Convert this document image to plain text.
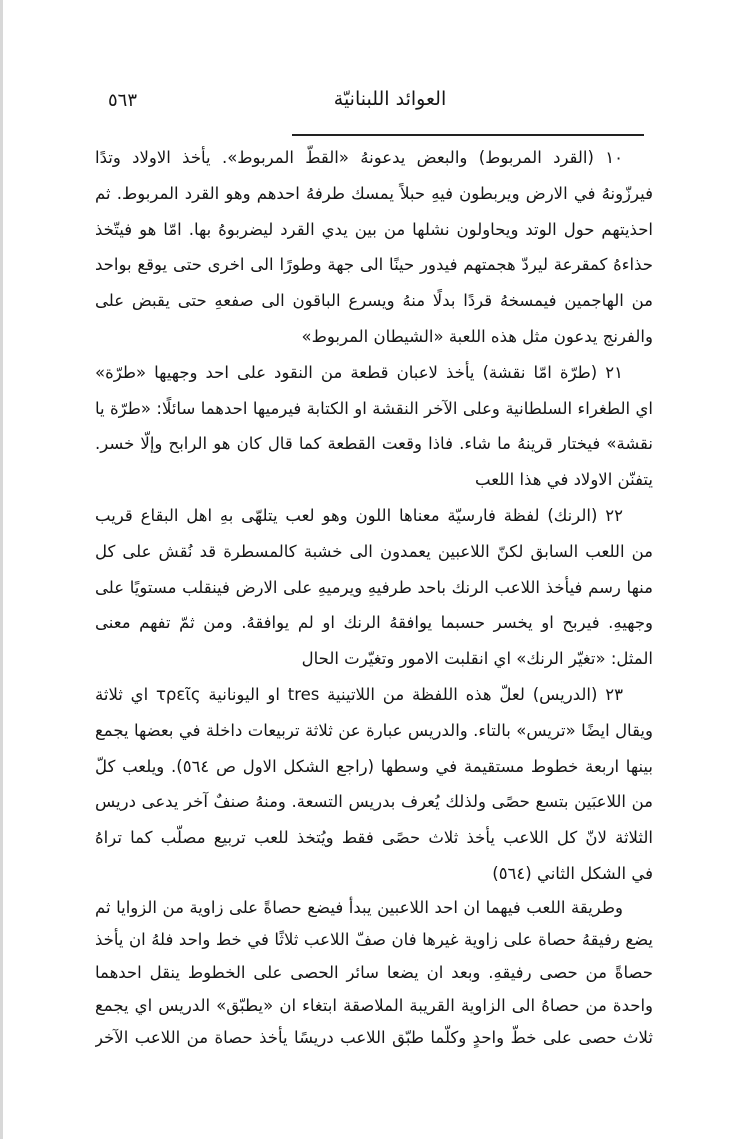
٥٦٣	العوائد اللبنانيّة
١٠ (القرد المربوط) والبعض يدعونهُ «القطّ المربوط». يأخذ الاولاد وتدًا
فيرزّونهُ في الارض ويربطون فيهِ حبلاً يمسك طرفهُ احدهم وهو القرد المربوط. ثم
احذيتهم حول الوتد ويحاولون نشلها من بين يدي القرد ليضربوهُ بها. امّا هو فيتّخذ
حذاءهُ كمقرعة ليردّ هجمتهم فيدور حينًا الى جهة وطورًا الى اخرى حتى يوقع بواحد
من الهاجمين فيمسخهُ قردًا بدلًا منهُ ويسرع الباقون الى صفعهِ حتى يقبض على
والفرنج يدعون مثل هذه اللعبة «الشيطان المربوط»
٢١ (طرّة امّا نقشة) يأخذ لاعبان قطعة من النقود على احد وجهيها «طرّة»
اي الطغراء السلطانية وعلى الآخر النقشة او الكتابة فيرميها احدهما سائلًا: «طرّة يا
نقشة» فيختار قرينهُ ما شاء. فاذا وقعت القطعة كما قال كان هو الرابح وإلّا خسر.
يتفنّن الاولاد في هذا اللعب
٢٢ (الرنك) لفظة فارسيّة معناها اللون وهو لعب يتلهّى بهِ اهل البقاع قريب
من اللعب السابق لكنّ اللاعبين يعمدون الى خشبة كالمسطرة قد نُقش على كل
منها رسم فيأخذ اللاعب الرنك باحد طرفيهِ ويرميهِ على الارض فينقلب مستويًا على
وجهيهِ. فيربح او يخسر حسبما يوافقهُ الرنك او لم يوافقهُ. ومن ثمّ تفهم معنى
المثل: «تغيّر الرنك» اي انقلبت الامور وتغيّرت الحال
٢٣ (الدريس) لعلّ هذه اللفظة من اللاتينية tres او اليونانية τρεῖς اي ثلاثة
ويقال ايضًا «تريس» بالتاء. والدريس عبارة عن ثلاثة تربيعات داخلة في بعضها يجمع
بينها اربعة خطوط مستقيمة في وسطها (راجع الشكل الاول ص ٥٦٤). ويلعب كلّ
من اللاعبَين بتسع حصًى ولذلك يُعرف بدريس التسعة. ومنهُ صنفٌ آخر يدعى دريس
الثلاثة لانّ كل اللاعب يأخذ ثلاث حصًى فقط ويُتخذ للعب تربيع مصلّب كما تراهُ
في الشكل الثاني (٥٦٤)
وطريقة اللعب فيهما ان احد اللاعبين يبدأ فيضع حصاةً على زاوية من الزوايا ثم
يضع رفيقهُ حصاة على زاوية غيرها فان صفّ اللاعب ثلاثًا في خط واحد فلهُ ان يأخذ
حصاةً من حصى رفيقهِ. وبعد ان يضعا سائر الحصى على الخطوط ينقل احدهما
واحدة من حصاهُ الى الزاوية القريبة الملاصقة ابتغاء ان «يطبّق» الدريس اي يجمع
ثلاث حصى على خطّ واحدٍ وكلّما طبّق اللاعب دريسًا يأخذ حصاة من اللاعب الآخر
